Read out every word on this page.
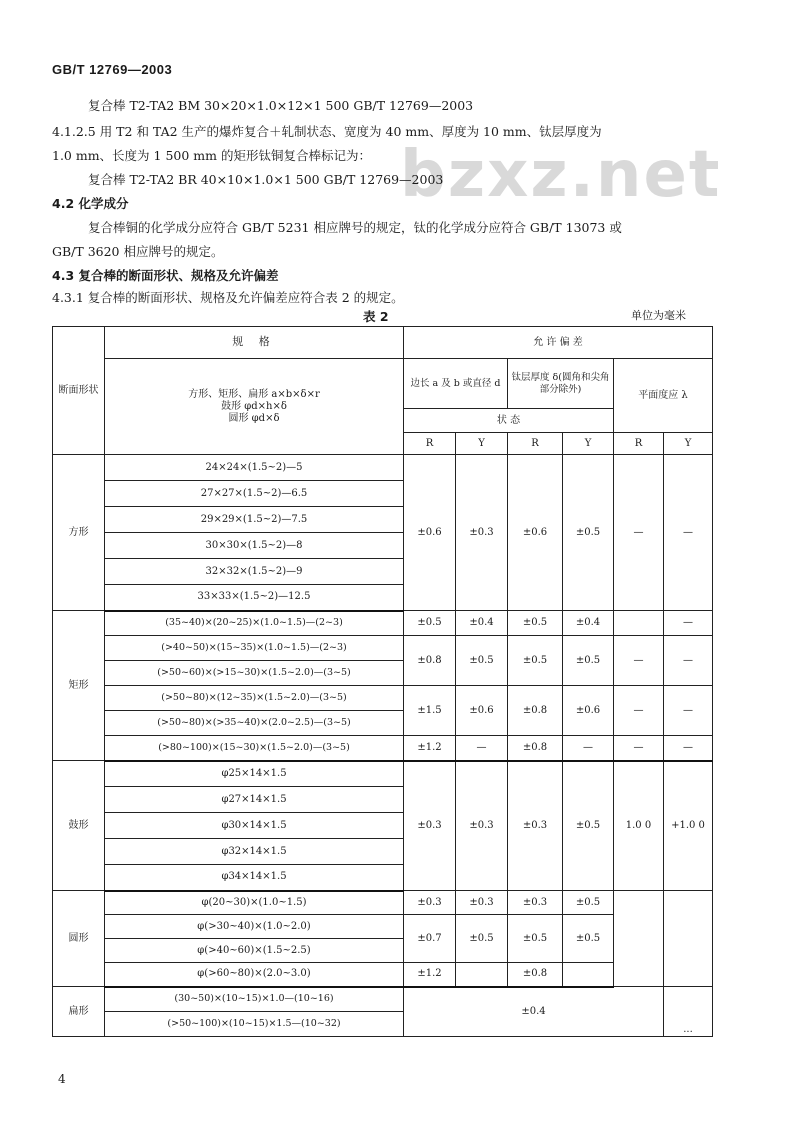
GB/T 12769—2003
bzxz.net
复合棒 T2-TA2 BM 30×20×1.0×12×1 500 GB/T 12769—2003
4.1.2.5 用 T2 和 TA2 生产的爆炸复合＋轧制状态、宽度为 40 mm、厚度为 10 mm、钛层厚度为
1.0 mm、长度为 1 500 mm 的矩形钛铜复合棒标记为：
复合棒 T2-TA2 BR 40×10×1.0×1 500 GB/T 12769—2003
4.2 化学成分
复合棒铜的化学成分应符合 GB/T 5231 相应牌号的规定，钛的化学成分应符合 GB/T 13073 或
GB/T 3620 相应牌号的规定。
4.3 复合棒的断面形状、规格及允许偏差
4.3.1 复合棒的断面形状、规格及允许偏差应符合表 2 的规定。
表 2	单位为毫米
断面形状	规 格	允 许 偏 差					

	方形、矩形、扁形 a×b×δ×r
鼓形 φd×h×δ
圆形 φd×δ	边长 a 及 b 或直径 d		钛层厚度 δ(圆角和尖角部分除外)		平面度应 λ	
		状 态					
		R	Y	R	Y	R	Y
方形	24×24×(1.5~2)—5	±0.6	±0.3	±0.6	±0.5	—	—
	27×27×(1.5~2)—6.5						
	29×29×(1.5~2)—7.5						
	30×30×(1.5~2)—8						
	32×32×(1.5~2)—9						
	33×33×(1.5~2)—12.5						
矩形	(35~40)×(20~25)×(1.0~1.5)—(2~3)	±0.5	±0.4	±0.5	±0.4		—
	(>40~50)×(15~35)×(1.0~1.5)—(2~3)	±0.8	±0.5	±0.5	±0.5	—	—
	(>50~60)×(>15~30)×(1.5~2.0)—(3~5)						
	(>50~80)×(12~35)×(1.5~2.0)—(3~5)	±1.5	±0.6	±0.8	±0.6	—	—
	(>50~80)×(>35~40)×(2.0~2.5)—(3~5)						
	(>80~100)×(15~30)×(1.5~2.0)—(3~5)	±1.2	—	±0.8	—	—	—
鼓形	φ25×14×1.5	±0.3	±0.3	±0.3	±0.5	1.0 0	+1.0 0
	φ27×14×1.5						
	φ30×14×1.5						
	φ32×14×1.5						
	φ34×14×1.5						
圆形	φ(20~30)×(1.0~1.5)	±0.3	±0.3	±0.3	±0.5		
	φ(>30~40)×(1.0~2.0)	±0.7	±0.5	±0.5	±0.5		
	φ(>40~60)×(1.5~2.5)						
	φ(>60~80)×(2.0~3.0)	±1.2		±0.8			
扁形	(30~50)×(10~15)×1.0—(10~16)	±0.4					...
	(>50~100)×(10~15)×1.5—(10~32)						
4
